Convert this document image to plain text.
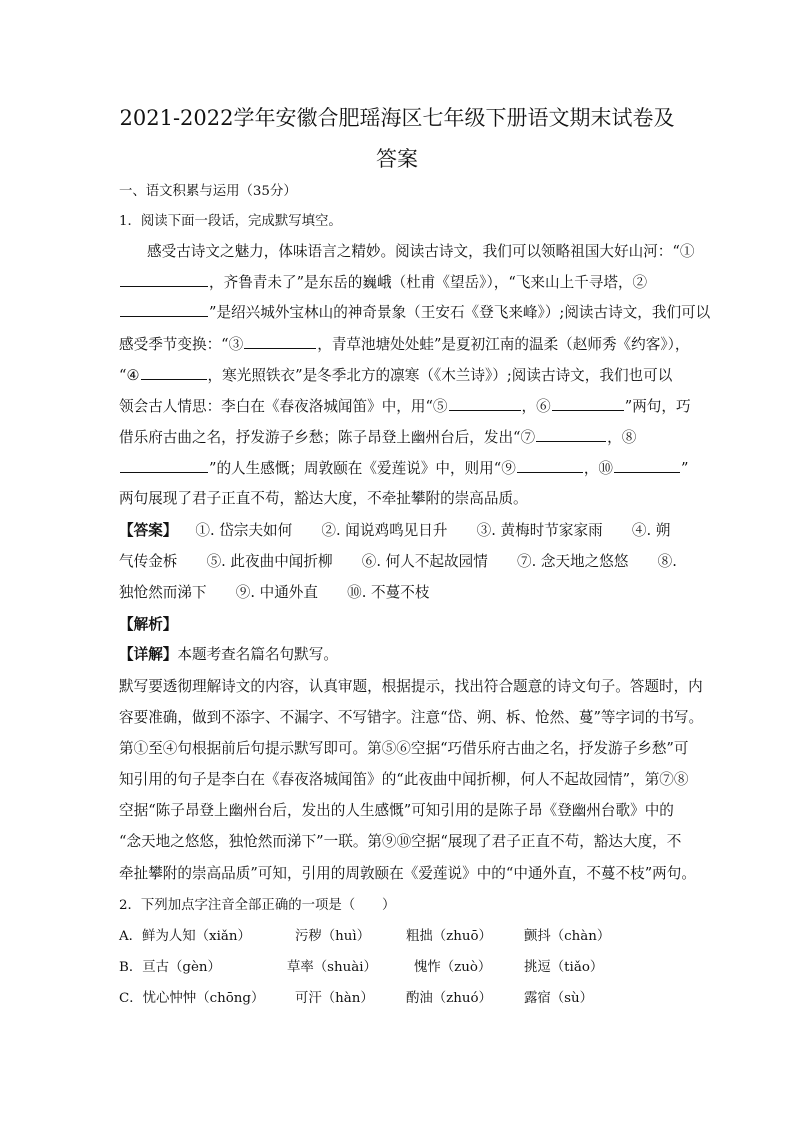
2021-2022学年安徽合肥瑶海区七年级下册语文期末试卷及
答案
一、语文积累与运用（35分）
1．阅读下面一段话，完成默写填空。
感受古诗文之魅力，体味语言之精妙。阅读古诗文，我们可以领略祖国大好山河：“①
，齐鲁青未了”是东岳的巍峨（杜甫《望岳》），“飞来山上千寻塔，②
”是绍兴城外宝林山的神奇景象（王安石《登飞来峰》）;阅读古诗文，我们可以
感受季节变换：“③	，青草池塘处处蛙”是夏初江南的温柔（赵师秀《约客》），
“④	，寒光照铁衣”是冬季北方的凛寒（《木兰诗》）;阅读古诗文，我们也可以
领会古人情思：李白在《春夜洛城闻笛》中，用“⑤	，⑥	”两句，巧
借乐府古曲之名，抒发游子乡愁；陈子昂登上幽州台后，发出“⑦	，⑧
”的人生感慨；周敦颐在《爱莲说》中，则用“⑨	，⑩	”
两句展现了君子正直不苟，豁达大度，不牵扯攀附的崇高品质。
【答案】 ①. 岱宗夫如何　　②. 闻说鸡鸣见日升　　③. 黄梅时节家家雨　　④. 朔
气传金柝　　⑤. 此夜曲中闻折柳　　⑥. 何人不起故园情　　⑦. 念天地之悠悠　　⑧.
独怆然而涕下　　⑨. 中通外直　　⑩. 不蔓不枝
【解析】
【详解】本题考查名篇名句默写。
默写要透彻理解诗文的内容，认真审题，根据提示，找出符合题意的诗文句子。答题时，内
容要准确，做到不添字、不漏字、不写错字。注意“岱、朔、柝、怆然、蔓”等字词的书写。
第①至④句根据前后句提示默写即可。第⑤⑥空据“巧借乐府古曲之名，抒发游子乡愁”可
知引用的句子是李白在《春夜洛城闻笛》的“此夜曲中闻折柳，何人不起故园情”，第⑦⑧
空据“陈子昂登上幽州台后，发出的人生感慨”可知引用的是陈子昂《登幽州台歌》中的
“念天地之悠悠，独怆然而涕下”一联。第⑨⑩空据“展现了君子正直不苟，豁达大度，不
牵扯攀附的崇高品质”可知，引用的周敦颐在《爱莲说》中的“中通外直，不蔓不枝”两句。
2．下列加点字注音全部正确的一项是（　　）
A．鲜为人知（xiǎn）	污秽（huì）	粗拙（zhuō） 颤抖（chàn）
B．亘古（gèn）	草率（shuài）	愧怍（zuò） 挑逗（tiǎo）
C．忧心忡忡（chōng） 可汗（hàn） 酌油（zhuó） 露宿（sù）
